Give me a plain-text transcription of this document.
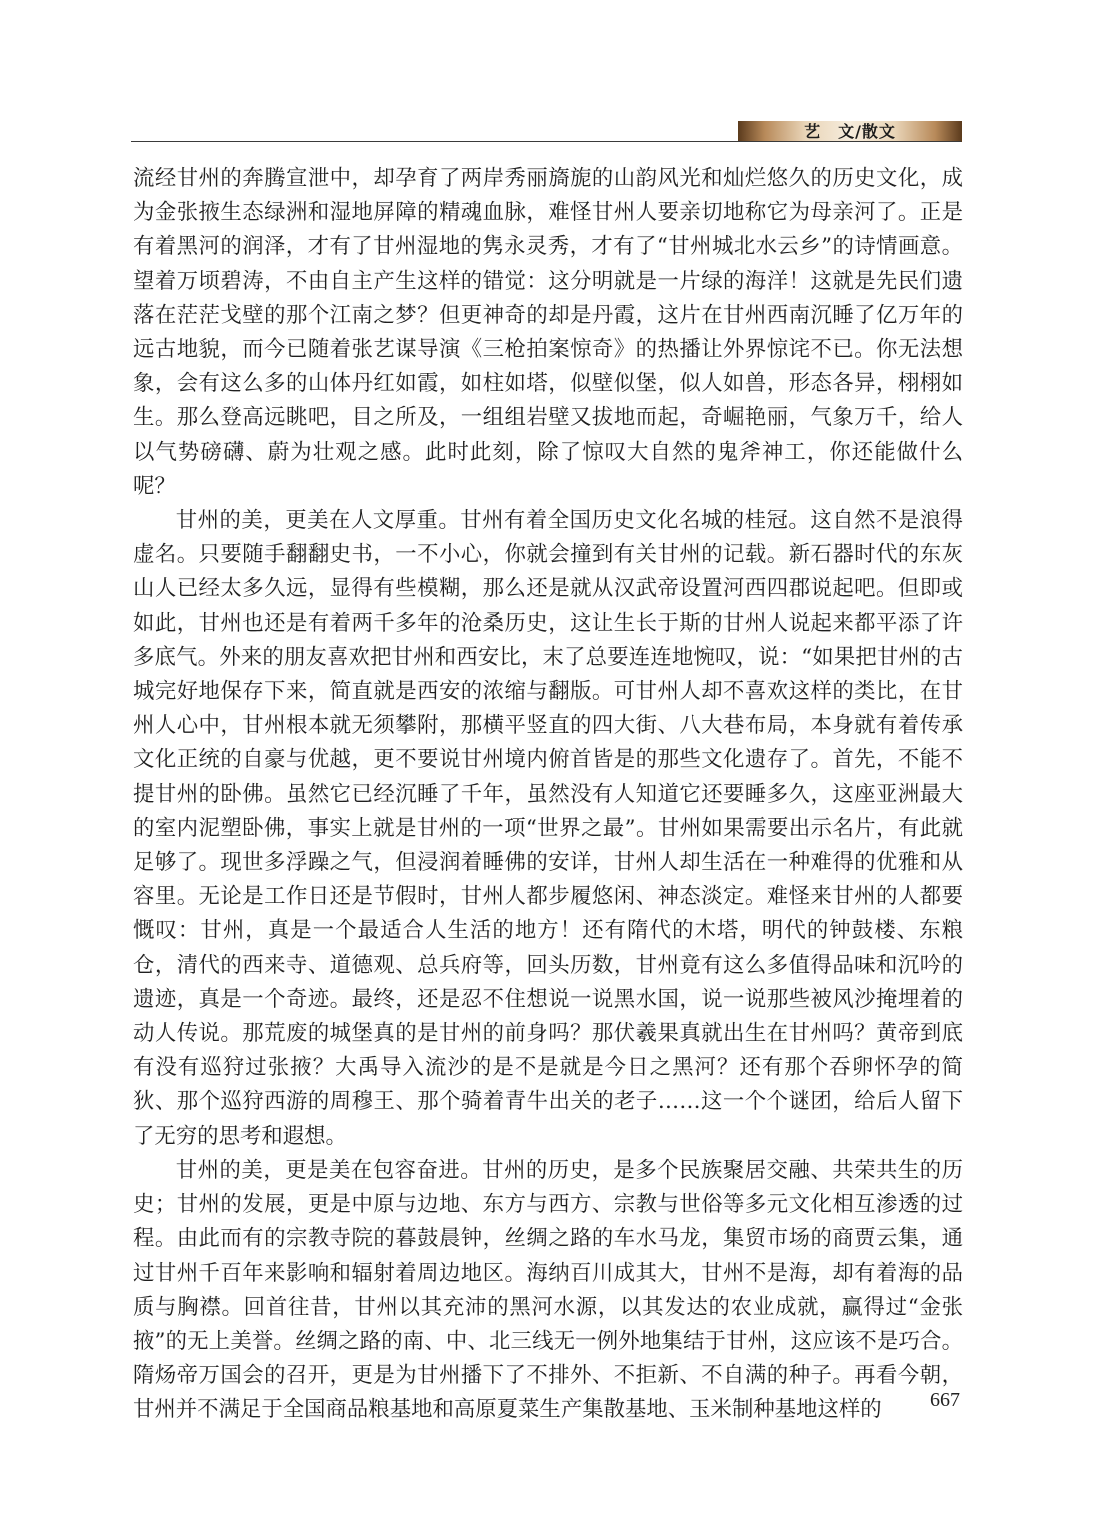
艺　文/散文

流经甘州的奔腾宣泄中，却孕育了两岸秀丽旖旎的山韵风光和灿烂悠久的历史文化，成为金张掖生态绿洲和湿地屏障的精魂血脉，难怪甘州人要亲切地称它为母亲河了。正是有着黑河的润泽，才有了甘州湿地的隽永灵秀，才有了“甘州城北水云乡”的诗情画意。望着万顷碧涛，不由自主产生这样的错觉：这分明就是一片绿的海洋！这就是先民们遗落在茫茫戈壁的那个江南之梦？但更神奇的却是丹霞，这片在甘州西南沉睡了亿万年的远古地貌，而今已随着张艺谋导演《三枪拍案惊奇》的热播让外界惊诧不已。你无法想象，会有这么多的山体丹红如霞，如柱如塔，似壁似堡，似人如兽，形态各异，栩栩如生。那么登高远眺吧，目之所及，一组组岩壁又拔地而起，奇崛艳丽，气象万千，给人以气势磅礴、蔚为壮观之感。此时此刻，除了惊叹大自然的鬼斧神工，你还能做什么呢？

甘州的美，更美在人文厚重。甘州有着全国历史文化名城的桂冠。这自然不是浪得虚名。只要随手翻翻史书，一不小心，你就会撞到有关甘州的记载。新石器时代的东灰山人已经太多久远，显得有些模糊，那么还是就从汉武帝设置河西四郡说起吧。但即或如此，甘州也还是有着两千多年的沧桑历史，这让生长于斯的甘州人说起来都平添了许多底气。外来的朋友喜欢把甘州和西安比，末了总要连连地惋叹，说：“如果把甘州的古城完好地保存下来，简直就是西安的浓缩与翻版。可甘州人却不喜欢这样的类比，在甘州人心中，甘州根本就无须攀附，那横平竖直的四大街、八大巷布局，本身就有着传承文化正统的自豪与优越，更不要说甘州境内俯首皆是的那些文化遗存了。首先，不能不提甘州的卧佛。虽然它已经沉睡了千年，虽然没有人知道它还要睡多久，这座亚洲最大的室内泥塑卧佛，事实上就是甘州的一项“世界之最”。甘州如果需要出示名片，有此就足够了。现世多浮躁之气，但浸润着睡佛的安详，甘州人却生活在一种难得的优雅和从容里。无论是工作日还是节假时，甘州人都步履悠闲、神态淡定。难怪来甘州的人都要慨叹：甘州，真是一个最适合人生活的地方！还有隋代的木塔，明代的钟鼓楼、东粮仓，清代的西来寺、道德观、总兵府等，回头历数，甘州竟有这么多值得品味和沉吟的遗迹，真是一个奇迹。最终，还是忍不住想说一说黑水国，说一说那些被风沙掩埋着的动人传说。那荒废的城堡真的是甘州的前身吗？那伏羲果真就出生在甘州吗？黄帝到底有没有巡狩过张掖？大禹导入流沙的是不是就是今日之黑河？还有那个吞卵怀孕的简狄、那个巡狩西游的周穆王、那个骑着青牛出关的老子……这一个个谜团，给后人留下了无穷的思考和遐想。

甘州的美，更是美在包容奋进。甘州的历史，是多个民族聚居交融、共荣共生的历史；甘州的发展，更是中原与边地、东方与西方、宗教与世俗等多元文化相互渗透的过程。由此而有的宗教寺院的暮鼓晨钟，丝绸之路的车水马龙，集贸市场的商贾云集，通过甘州千百年来影响和辐射着周边地区。海纳百川成其大，甘州不是海，却有着海的品质与胸襟。回首往昔，甘州以其充沛的黑河水源，以其发达的农业成就，赢得过“金张掖”的无上美誉。丝绸之路的南、中、北三线无一例外地集结于甘州，这应该不是巧合。隋炀帝万国会的召开，更是为甘州播下了不排外、不拒新、不自满的种子。再看今朝，甘州并不满足于全国商品粮基地和高原夏菜生产集散基地、玉米制种基地这样的	667
